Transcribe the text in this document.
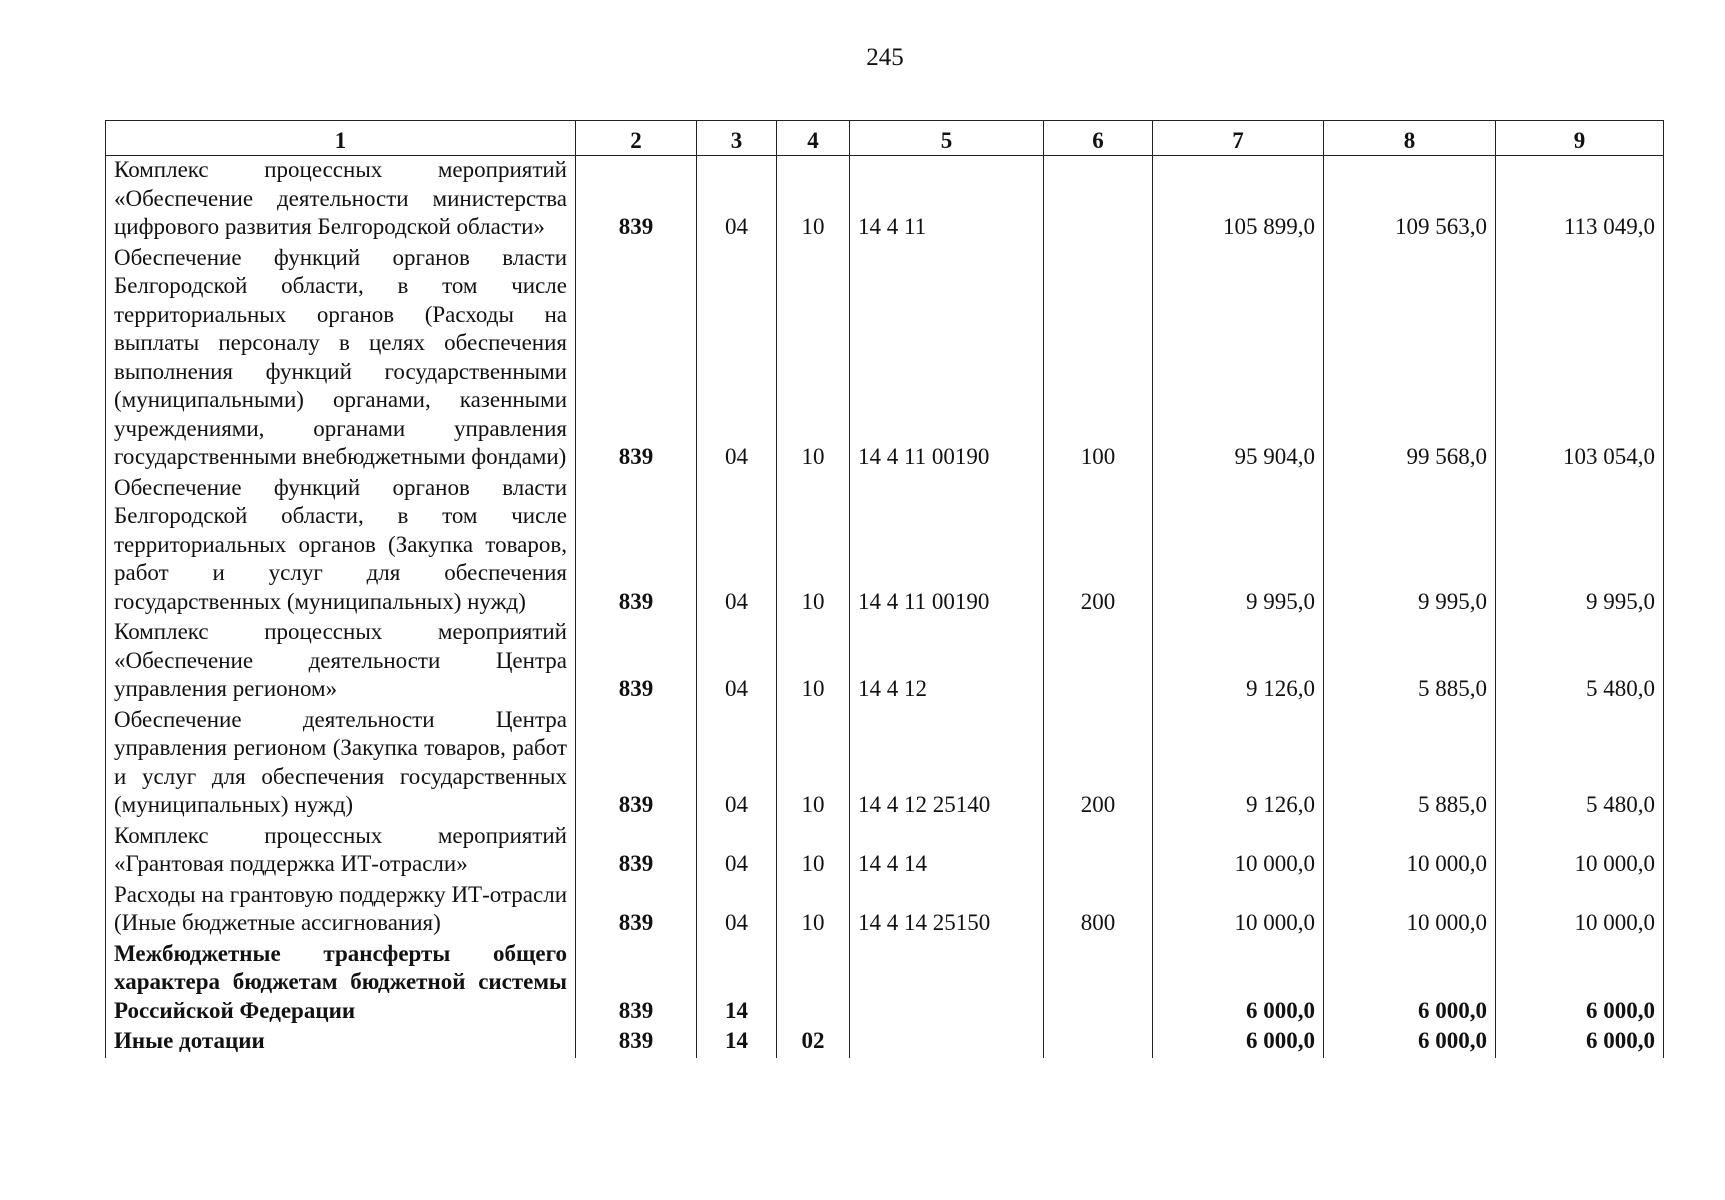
245
1	2	3	4	5	6	7	8	9
Комплекс процессных мероприятий «Обеспечение деятельности министерства цифрового развития Белгородской области»	839	04	10	14 4 11		105 899,0	109 563,0	113 049,0
Обеспечение функций органов власти Белгородской области, в том числе территориальных органов (Расходы на выплаты персоналу в целях обеспечения выполнения функций государственными (муниципальными) органами, казенными учреждениями, органами управления государственными внебюджетными фондами)	839	04	10	14 4 11 00190	100	95 904,0	99 568,0	103 054,0
Обеспечение функций органов власти Белгородской области, в том числе территориальных органов (Закупка товаров, работ и услуг для обеспечения государственных (муниципальных) нужд)	839	04	10	14 4 11 00190	200	9 995,0	9 995,0	9 995,0
Комплекс процессных мероприятий «Обеспечение деятельности Центра управления регионом»	839	04	10	14 4 12		9 126,0	5 885,0	5 480,0
Обеспечение деятельности Центра управления регионом (Закупка товаров, работ и услуг для обеспечения государственных (муниципальных) нужд)	839	04	10	14 4 12 25140	200	9 126,0	5 885,0	5 480,0
Комплекс процессных мероприятий «Грантовая поддержка ИТ-отрасли»	839	04	10	14 4 14		10 000,0	10 000,0	10 000,0
Расходы на грантовую поддержку ИТ-отрасли (Иные бюджетные ассигнования)	839	04	10	14 4 14 25150	800	10 000,0	10 000,0	10 000,0
Межбюджетные трансферты общего характера бюджетам бюджетной системы Российской Федерации	839	14				6 000,0	6 000,0	6 000,0
Иные дотации	839	14	02			6 000,0	6 000,0	6 000,0
